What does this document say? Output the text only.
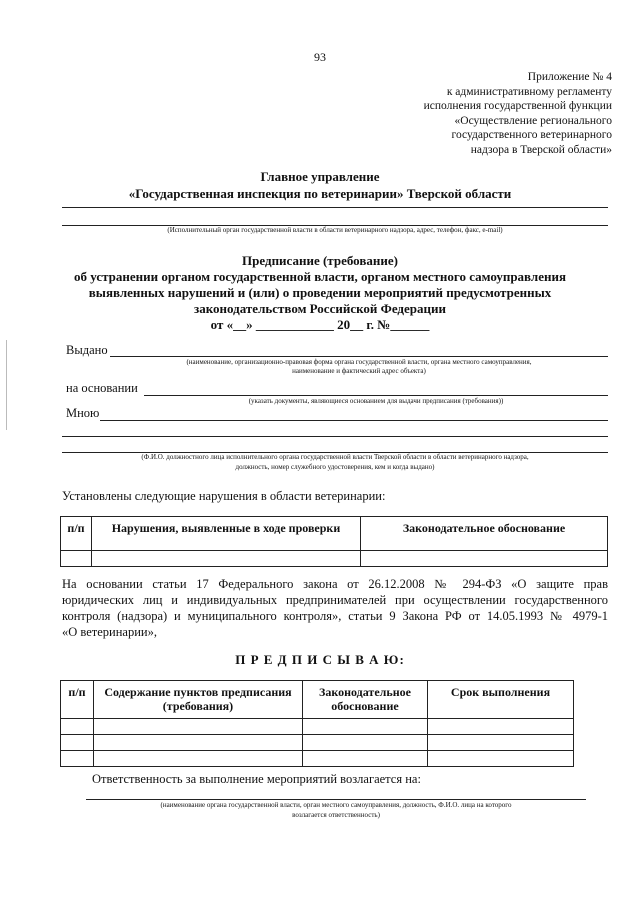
93
Приложение № 4
к административному регламенту
исполнения государственной функции
«Осуществление регионального
государственного ветеринарного
надзора в Тверской области»
Главное управление
«Государственная инспекция по ветеринарии» Тверской области
(Исполнительный орган государственной власти в области ветеринарного надзора, адрес, телефон, факс, e-mail)
Предписание (требование)
об устранении органом государственной власти, органом местного самоуправления
выявленных нарушений и (или) о проведении мероприятий предусмотренных
законодательством Российской Федерации
от «__» ____________ 20__ г. №______
Выдано
(наименование, организационно-правовая форма органа государственной власти, органа местного самоуправления,
наименование и фактический адрес объекта)
на основании
(указать документы, являющиеся основанием для выдачи предписания (требования))
Мною
(Ф.И.О. должностного лица исполнительного органа государственной власти Тверской области в области ветеринарного надзора,
должность, номер служебного удостоверения, кем и когда выдано)
Установлены следующие нарушения в области ветеринарии:
п/п	Нарушения, выявленные в ходе проверки	Законодательное обоснование

На основании статьи 17 Федерального закона от 26.12.2008 № 294-ФЗ «О защите прав
юридических лиц и индивидуальных предпринимателей при осуществлении государственного
контроля (надзора) и муниципального контроля», статьи 9 Закона РФ от 14.05.1993 № 4979-1
«О ветеринарии»,
П Р Е Д П И С Ы В А Ю:
п/п	Содержание пунктов предписания (требования)	Законодательное обоснование	Срок выполнения

Ответственность за выполнение мероприятий возлагается на:
(наименование органа государственной власти, орган местного самоуправления, должность, Ф.И.О. лица на которого
возлагается ответственность)
